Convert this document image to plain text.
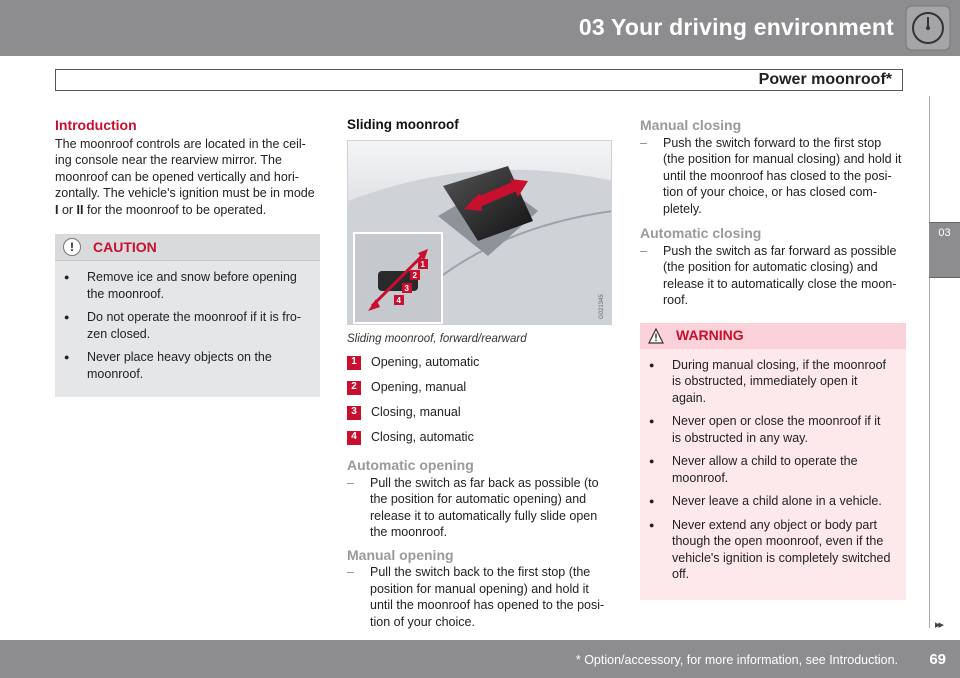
03 Your driving environment
Power moonroof*
03
Introduction

The moonroof controls are located in the ceil-ing console near the rearview mirror. The moonroof can be opened vertically and hori-zontally. The vehicle's ignition must be in mode I or II for the moonroof to be operated.

!	CAUTION
● Remove ice and snow before opening the moonroof.
● Do not operate the moonroof if it is fro-zen closed.
● Never place heavy objects on the moonroof.
Sliding moonroof
1
2
3
4	G021345
Sliding moonroof, forward/rearward
1	Opening, automatic
2	Opening, manual
3	Closing, manual
4	Closing, automatic
Automatic opening
– Pull the switch as far back as possible (to the position for automatic opening) and release it to automatically fully slide open the moonroof.
Manual opening
– Pull the switch back to the first stop (the position for manual opening) and hold it until the moonroof has opened to the posi-tion of your choice.
Manual closing
– Push the switch forward to the first stop (the position for manual closing) and hold it until the moonroof has closed to the posi-tion of your choice, or has closed com-pletely.
Automatic closing
– Push the switch as far forward as possible (the position for automatic closing) and release it to automatically close the moon-roof.
WARNING
● During manual closing, if the moonroof is obstructed, immediately open it again.
● Never open or close the moonroof if it is obstructed in any way.
● Never allow a child to operate the moonroof.
● Never leave a child alone in a vehicle.
● Never extend any object or body part though the open moonroof, even if the vehicle's ignition is completely switched off.
▸▸
* Option/accessory, for more information, see Introduction. 69
